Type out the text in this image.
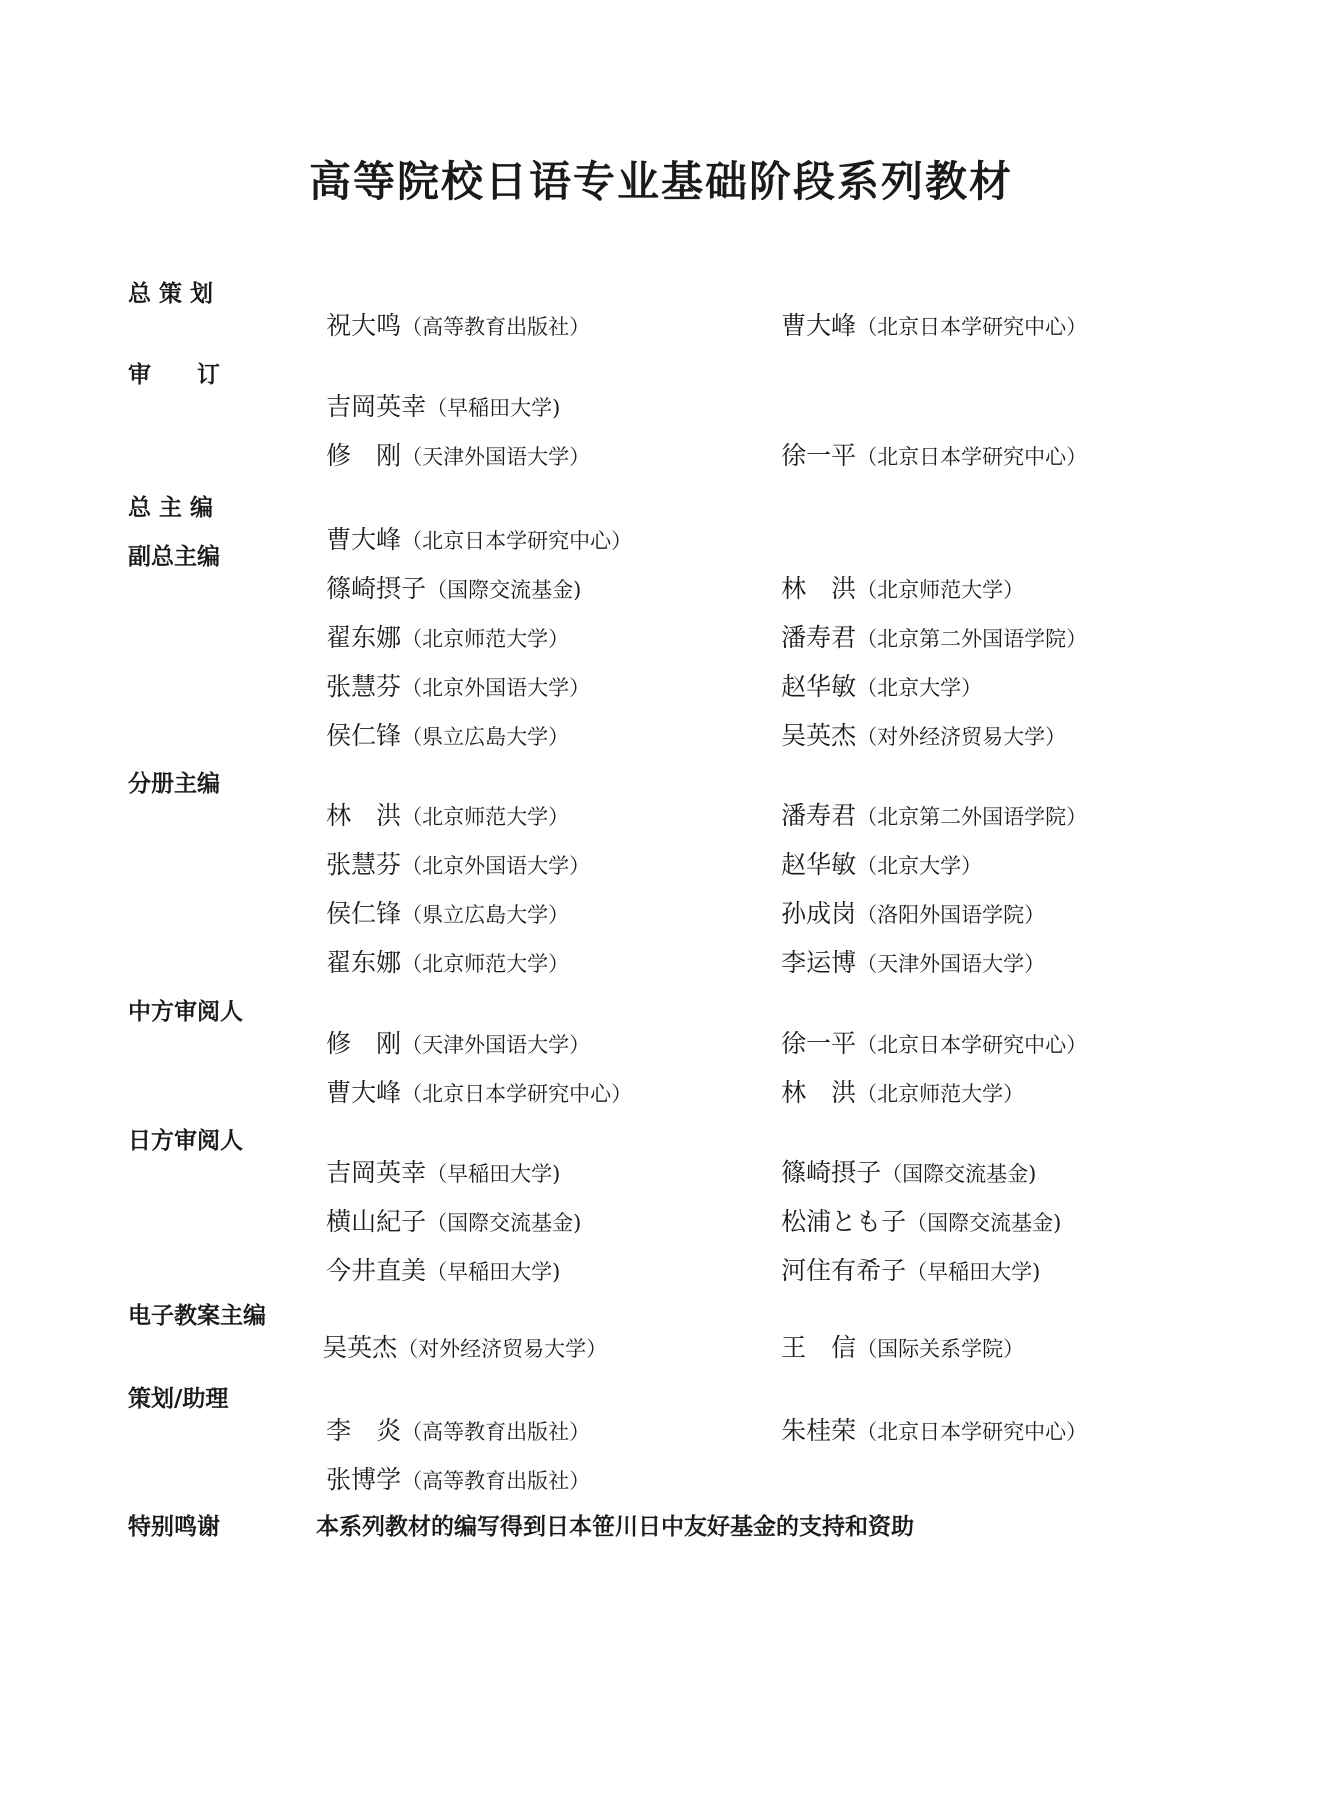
高等院校日语专业基础阶段系列教材
总 策 划

祝大鸣（高等教育出版社）	曹大峰（北京日本学研究中心）

审　　订

吉岡英幸（早稲田大学)

修　刚（天津外国语大学）	徐一平（北京日本学研究中心）

总 主 编

曹大峰（北京日本学研究中心）

副总主编

篠崎摂子（国際交流基金)	林　洪（北京师范大学）

翟东娜（北京师范大学）	潘寿君（北京第二外国语学院）

张慧芬（北京外国语大学）	赵华敏（北京大学）

侯仁锋（県立広島大学）	吴英杰（对外经济贸易大学）

分册主编

林　洪（北京师范大学）	潘寿君（北京第二外国语学院）

张慧芬（北京外国语大学）	赵华敏（北京大学）

侯仁锋（県立広島大学）	孙成岗（洛阳外国语学院）

翟东娜（北京师范大学）	李运博（天津外国语大学）

中方审阅人

修　刚（天津外国语大学）	徐一平（北京日本学研究中心）

曹大峰（北京日本学研究中心）	林　洪（北京师范大学）

日方审阅人

吉岡英幸（早稲田大学)	篠崎摂子（国際交流基金)

横山紀子（国際交流基金)	松浦とも子（国際交流基金)

今井直美（早稲田大学)	河住有希子（早稲田大学)

电子教案主编

吴英杰（对外经济贸易大学）	王　信（国际关系学院）

策划/助理

李　炎（高等教育出版社）	朱桂荣（北京日本学研究中心）

张博学（高等教育出版社）

特别鸣谢	本系列教材的编写得到日本笹川日中友好基金的支持和资助
